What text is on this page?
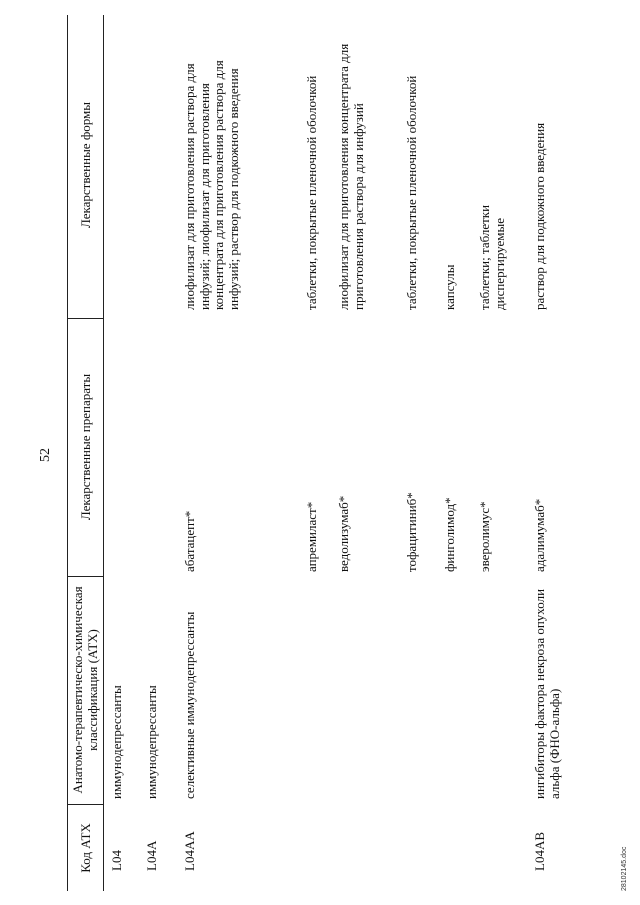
52
Код АТХ
Анатомо-терапевтическо-химическая классификация (АТХ)
Лекарственные препараты
Лекарственные формы
L04
иммунодепрессанты
L04A
иммунодепрессанты
L04AA
селективные иммунодепрессанты
абатацепт*
лиофилизат для приготовления раствора для инфузий; лиофилизат для приготовления концентрата для приготовления раствора для инфузий; раствор для подкожного введения
апремиласт*
таблетки, покрытые пленочной оболочкой
ведолизумаб*
лиофилизат для приготовления концентрата для приготовления раствора для инфузий
тофацитиниб*
таблетки, покрытые пленочной оболочкой
финголимод*
капсулы
эверолимус*
таблетки; таблетки диспергируемые
L04AB
ингибиторы фактора некроза опухоли альфа (ФНО-альфа)
адалимумаб*
раствор для подкожного введения
28102145.doc
